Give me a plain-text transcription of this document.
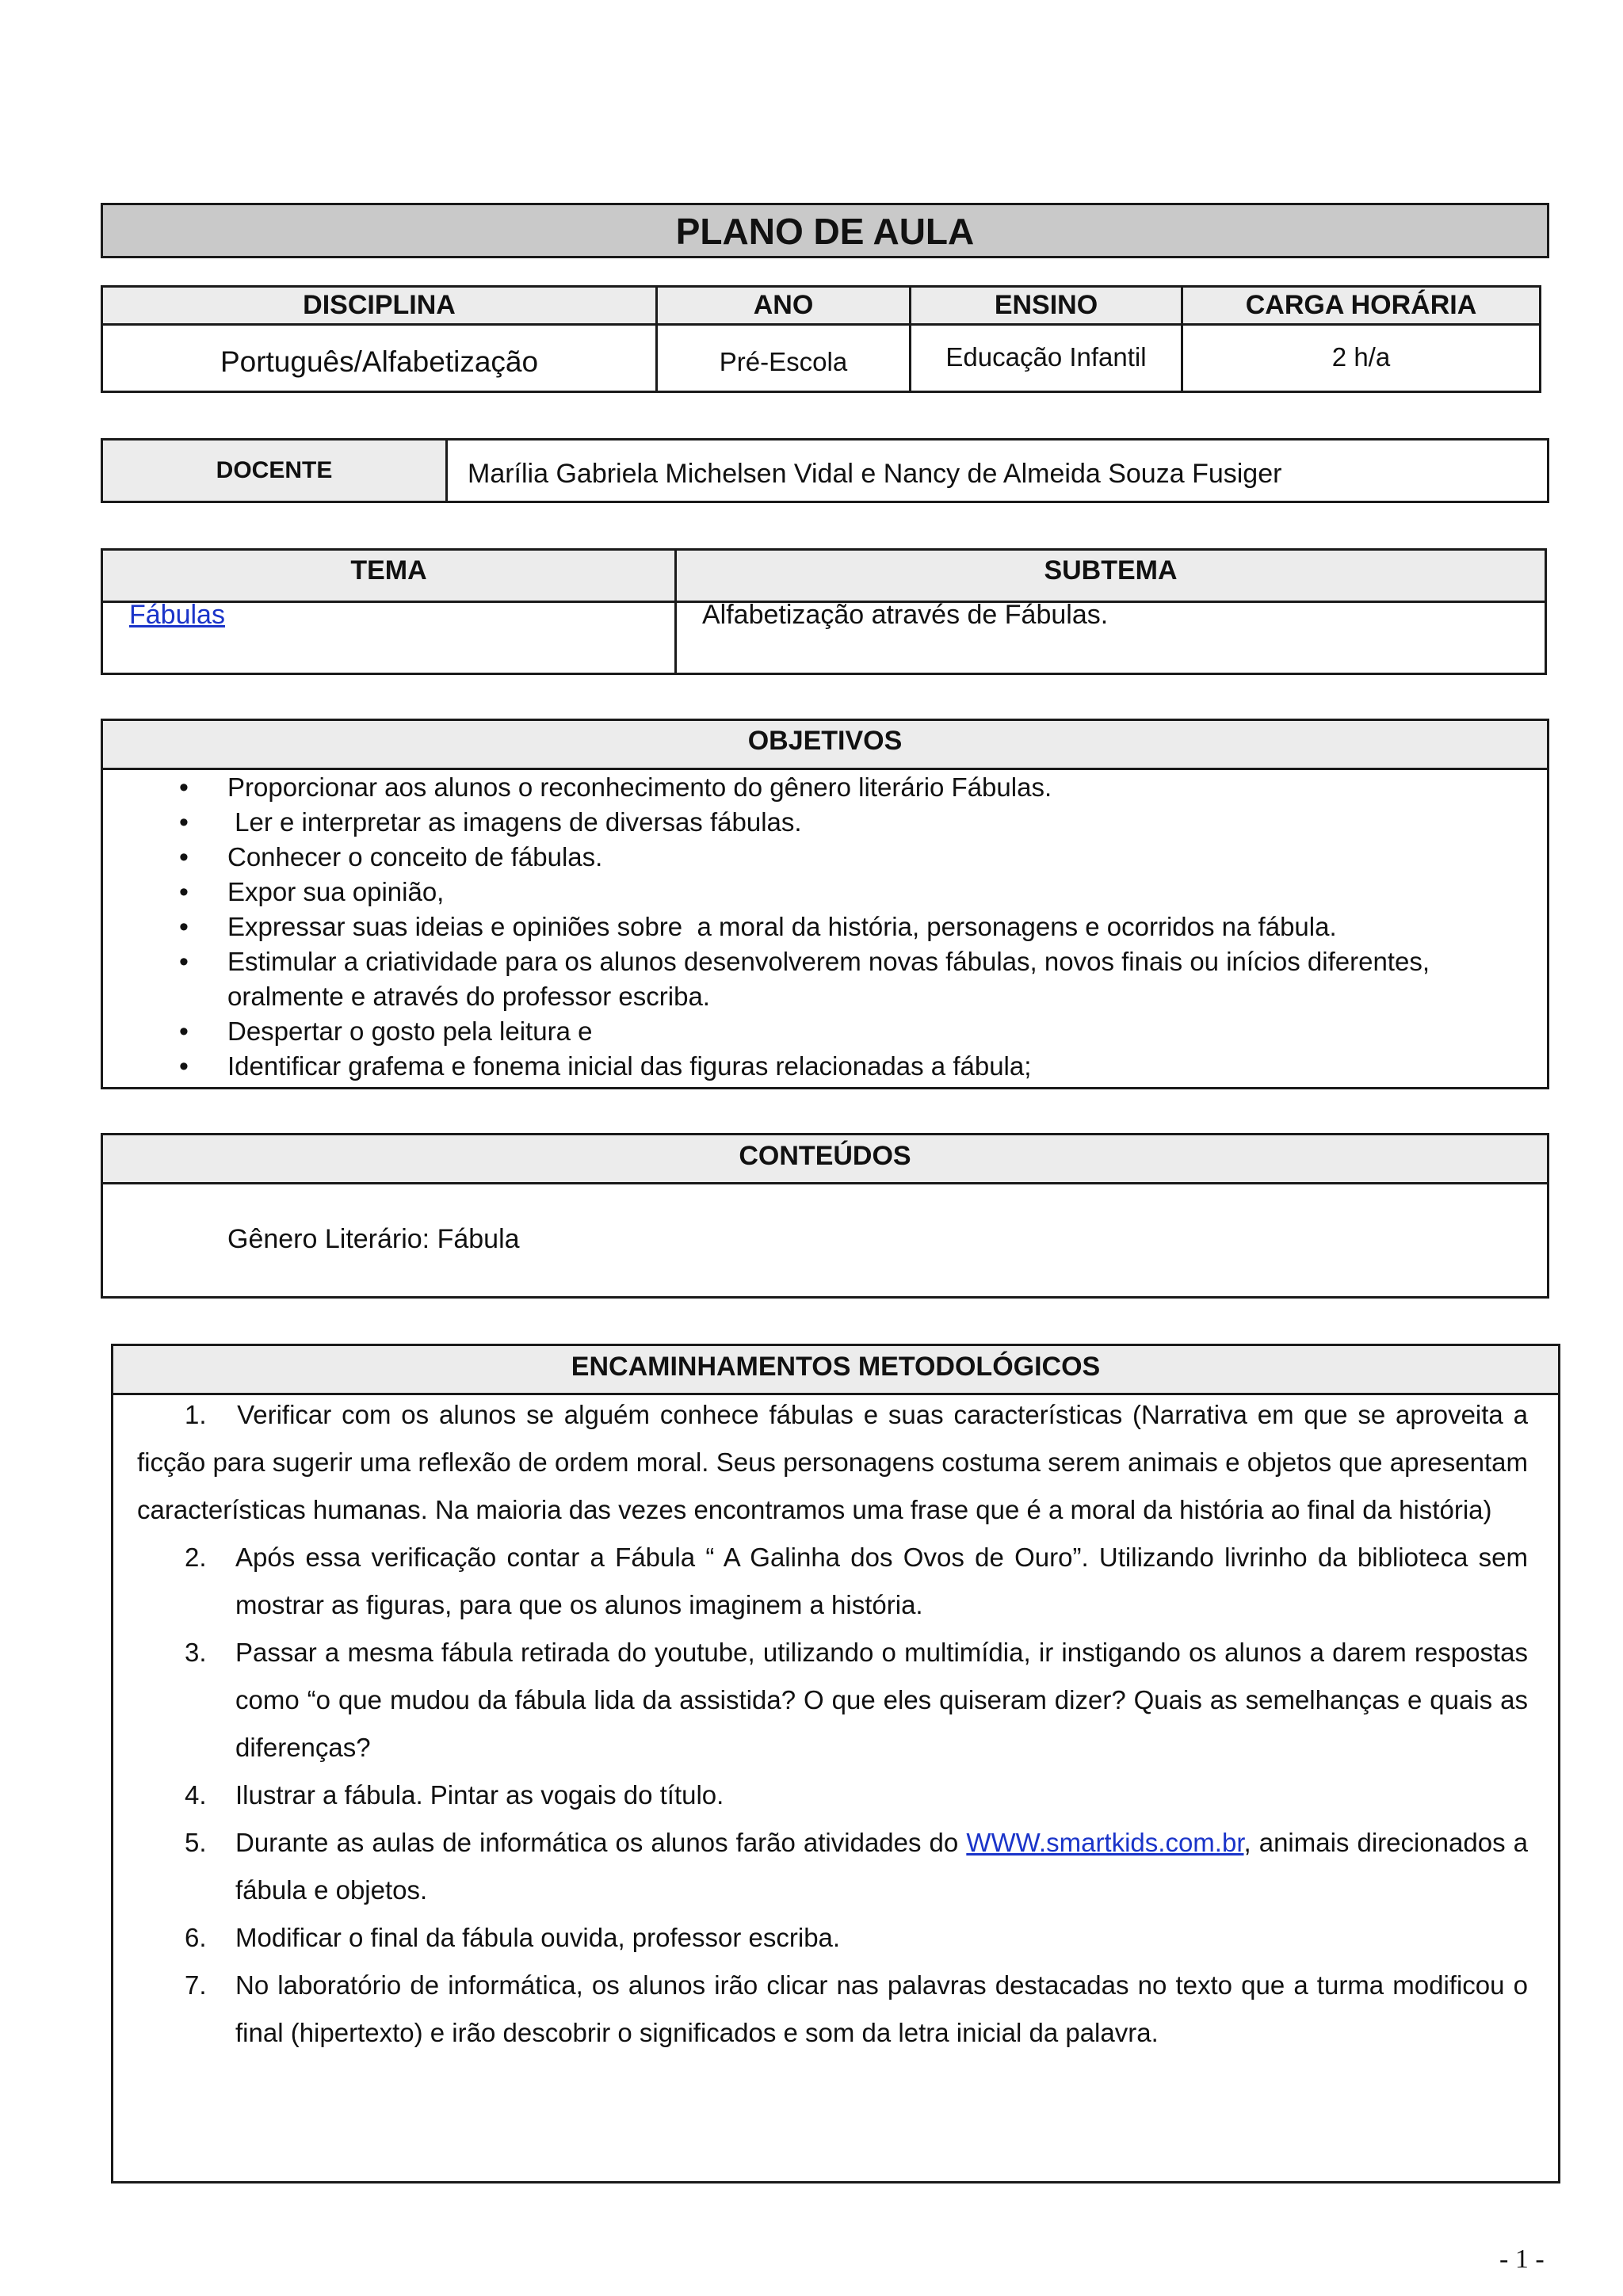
PLANO DE AULA
DISCIPLINA	ANO	ENSINO	CARGA HORÁRIA
Português/Alfabetização	Pré-Escola	Educação Infantil	2 h/a
DOCENTE	Marília Gabriela Michelsen Vidal e Nancy de Almeida Souza Fusiger
TEMA	SUBTEMA
Fábulas	Alfabetização através de Fábulas.
OBJETIVOS
• Proporcionar aos alunos o reconhecimento do gênero literário Fábulas.
•  Ler e interpretar as imagens de diversas fábulas.
• Conhecer o conceito de fábulas.
• Expor sua opinião,
• Expressar suas ideias e opiniões sobre  a moral da história, personagens e ocorridos na fábula.
• Estimular a criatividade para os alunos desenvolverem novas fábulas, novos finais ou inícios diferentes, oralmente e através do professor escriba.
• Despertar o gosto pela leitura e
• Identificar grafema e fonema inicial das figuras relacionadas a fábula;
CONTEÚDOS
Gênero Literário: Fábula
ENCAMINHAMENTOS METODOLÓGICOS

1. Verificar com os alunos se alguém conhece fábulas e suas características (Narrativa em que se aproveita a ficção para sugerir uma reflexão de ordem moral. Seus personagens costuma serem animais e objetos que apresentam características humanas. Na maioria das vezes encontramos uma frase que é a moral da história ao final da história)

2. Após essa verificação contar a Fábula “ A Galinha dos Ovos de Ouro”. Utilizando livrinho da biblioteca sem mostrar as figuras, para que os alunos imaginem a história.
3. Passar a mesma fábula retirada do youtube, utilizando o multimídia, ir instigando os alunos a darem respostas como “o que mudou da fábula lida da assistida? O que eles quiseram dizer? Quais as semelhanças e quais as diferenças?
4. Ilustrar a fábula. Pintar as vogais do título.
5. Durante as aulas de informática os alunos farão atividades do WWW.smartkids.com.br, animais direcionados a fábula e objetos.
6. Modificar o final da fábula ouvida, professor escriba.
7. No laboratório de informática, os alunos irão clicar nas palavras destacadas no texto que a turma modificou o final (hipertexto) e irão descobrir o significados e som da letra inicial da palavra.
- 1 -
